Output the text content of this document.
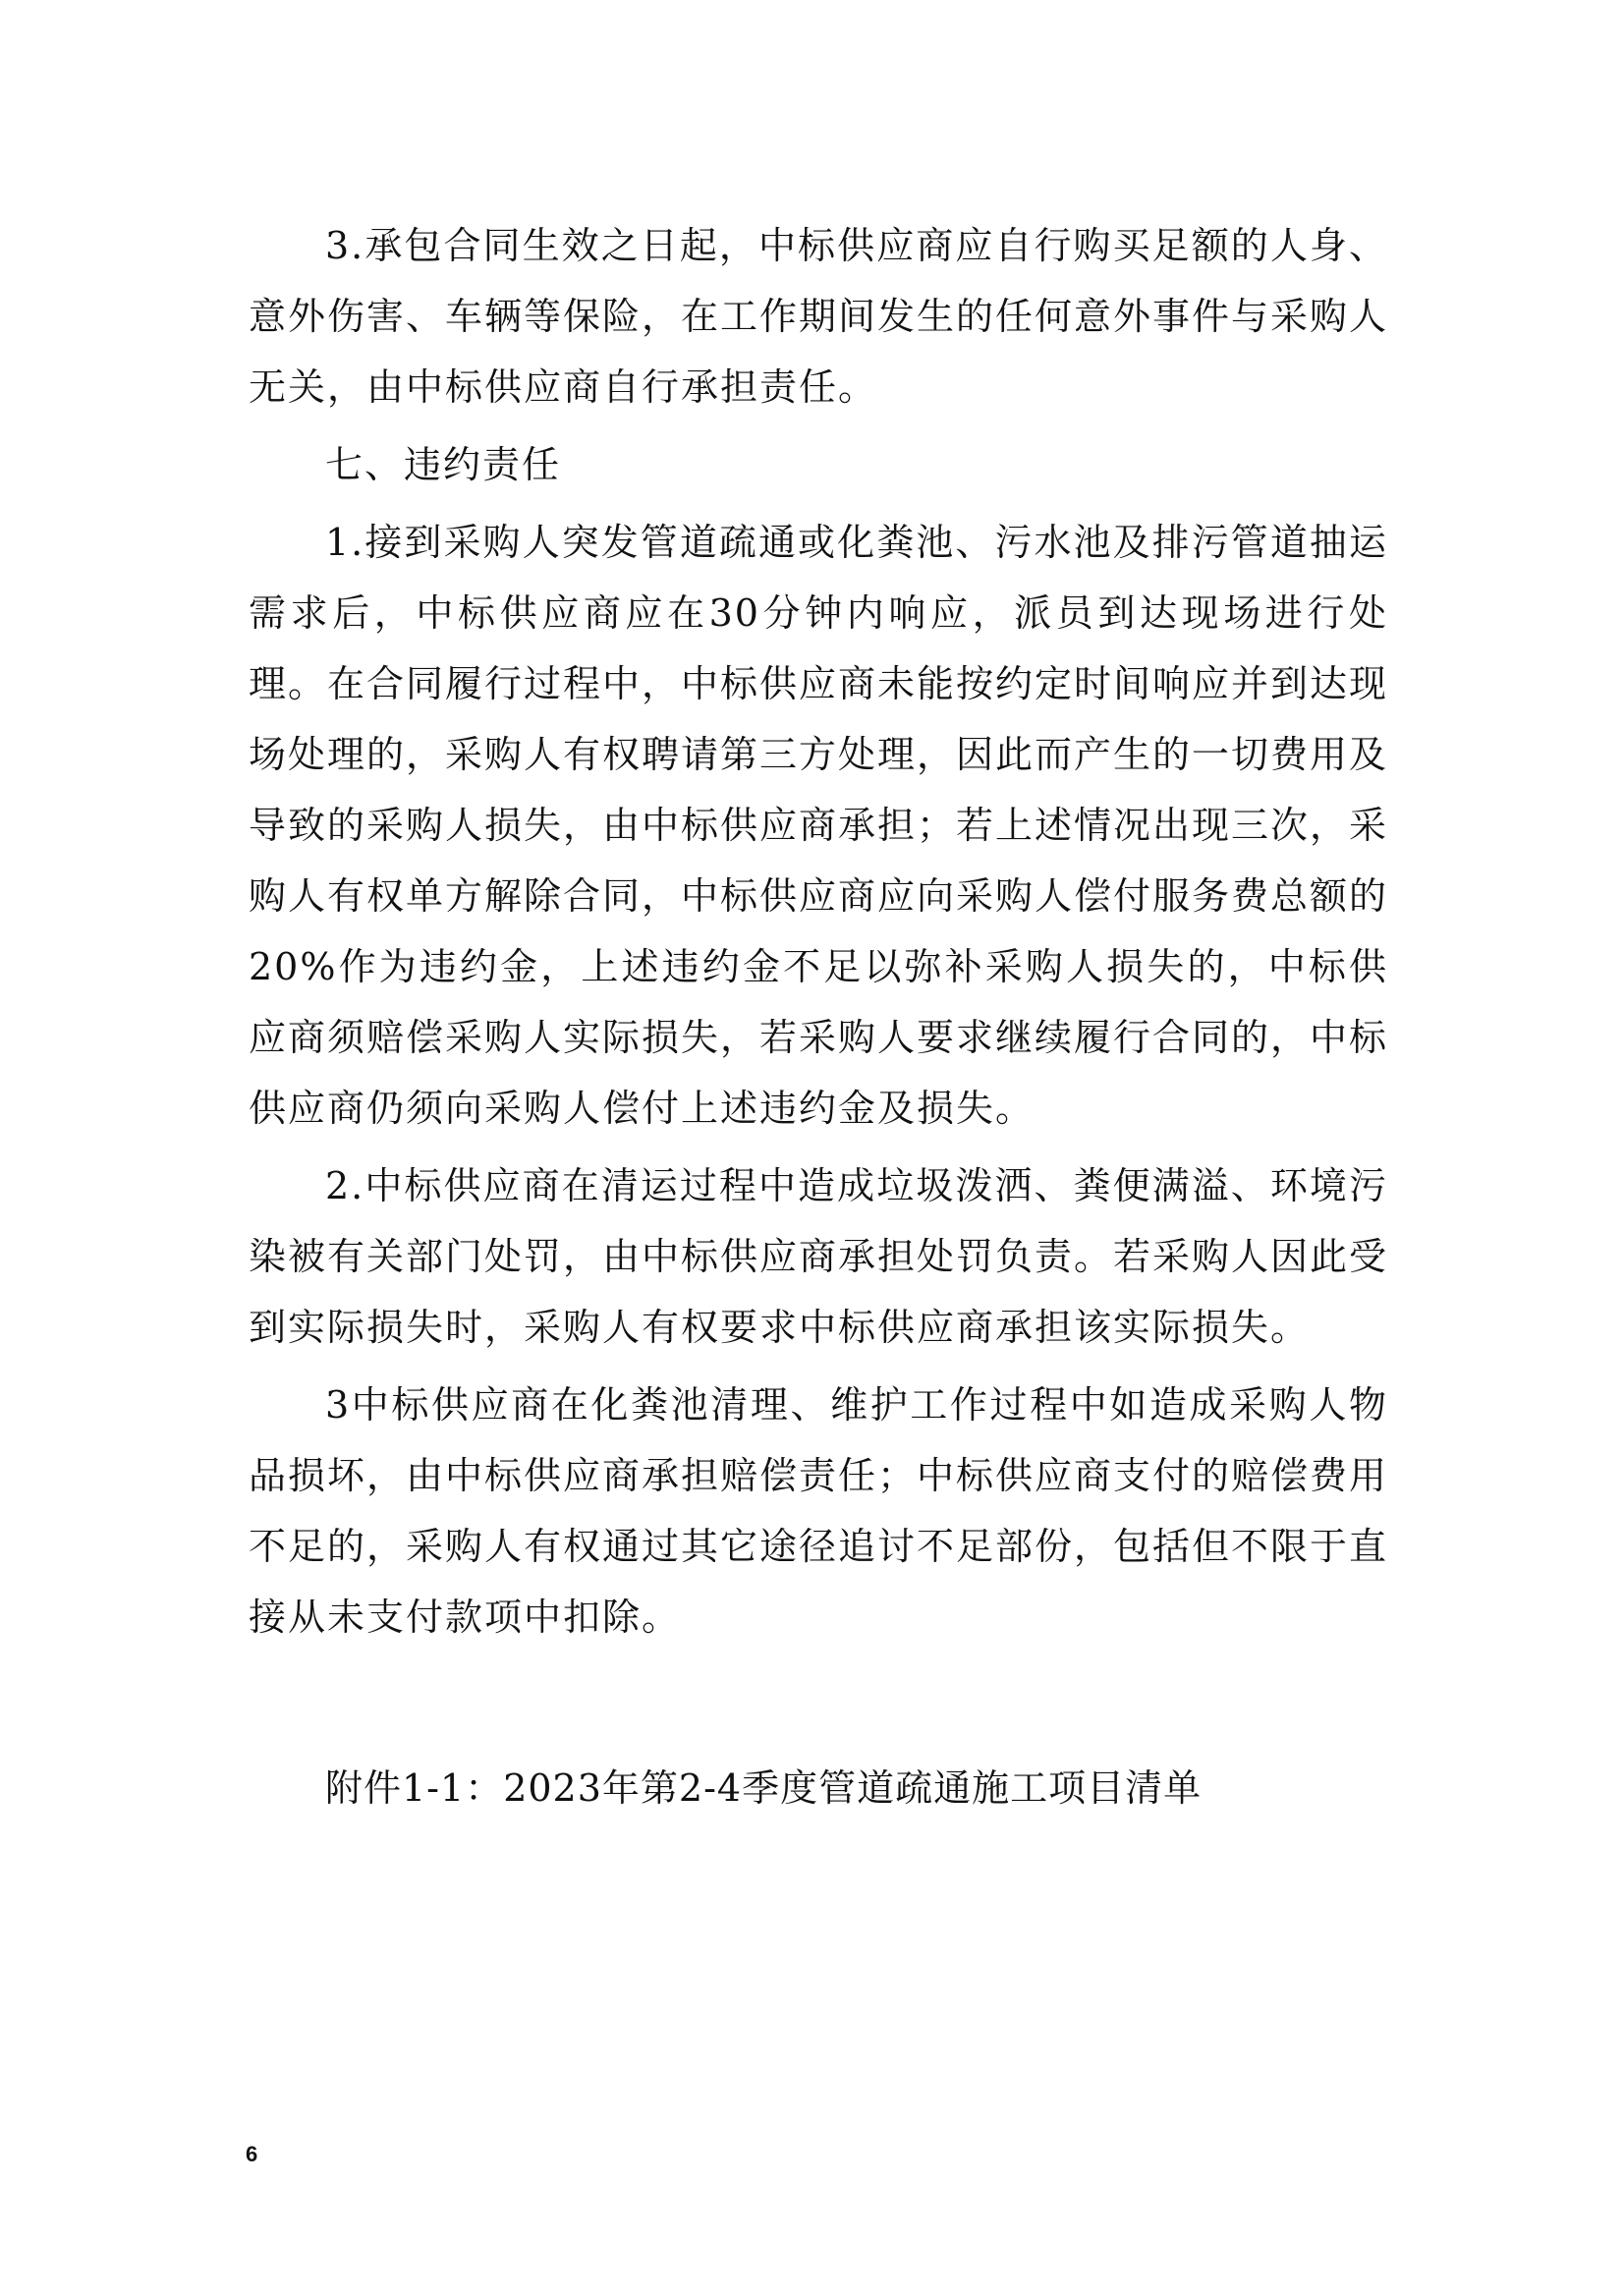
3.承包合同生效之日起，中标供应商应自行购买足额的人身、意外伤害、车辆等保险，在工作期间发生的任何意外事件与采购人无关，由中标供应商自行承担责任。

七、违约责任

1.接到采购人突发管道疏通或化粪池、污水池及排污管道抽运需求后，中标供应商应在30分钟内响应，派员到达现场进行处理。在合同履行过程中，中标供应商未能按约定时间响应并到达现场处理的，采购人有权聘请第三方处理，因此而产生的一切费用及导致的采购人损失，由中标供应商承担；若上述情况出现三次，采购人有权单方解除合同，中标供应商应向采购人偿付服务费总额的20%作为违约金，上述违约金不足以弥补采购人损失的，中标供应商须赔偿采购人实际损失，若采购人要求继续履行合同的，中标供应商仍须向采购人偿付上述违约金及损失。

2.中标供应商在清运过程中造成垃圾泼洒、粪便满溢、环境污染被有关部门处罚，由中标供应商承担处罚负责。若采购人因此受到实际损失时，采购人有权要求中标供应商承担该实际损失。

3中标供应商在化粪池清理、维护工作过程中如造成采购人物品损坏，由中标供应商承担赔偿责任；中标供应商支付的赔偿费用不足的，采购人有权通过其它途径追讨不足部份，包括但不限于直接从未支付款项中扣除。

附件1-1：2023年第2-4季度管道疏通施工项目清单
6
